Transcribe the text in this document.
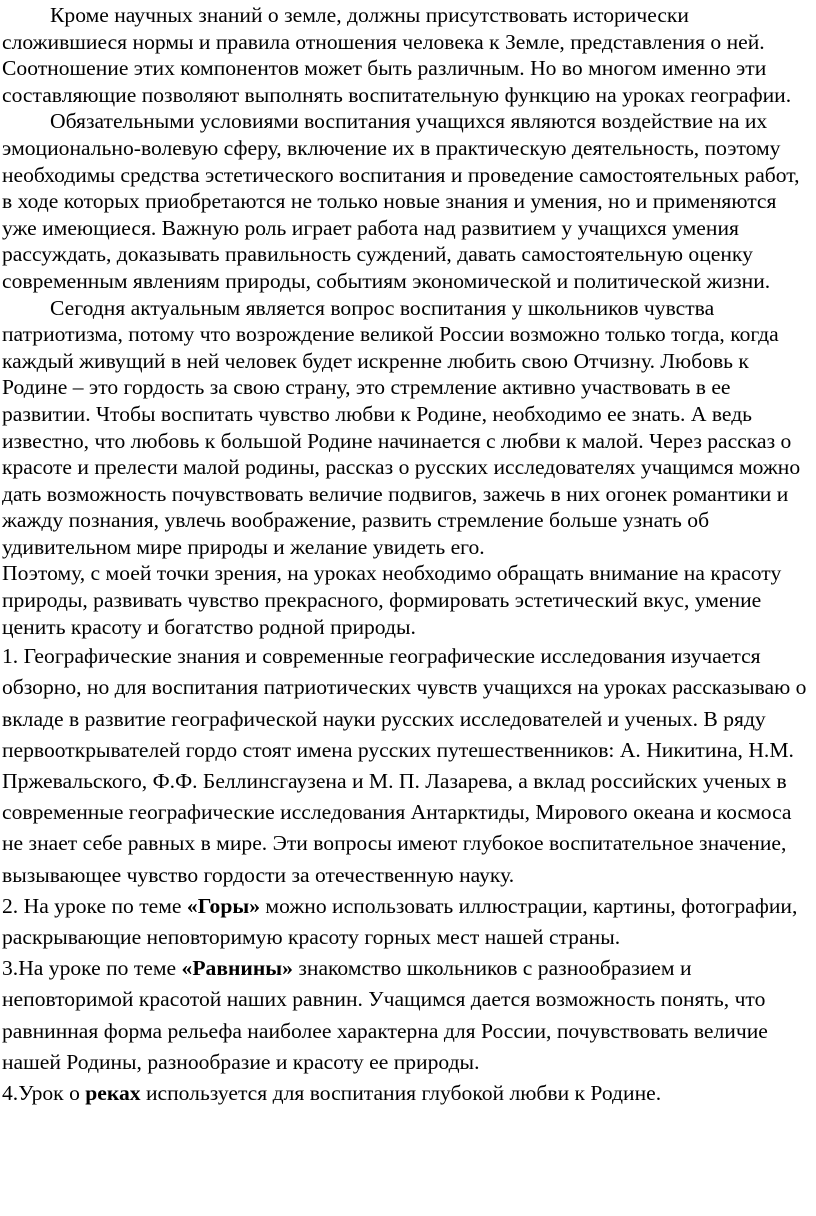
Кроме научных знаний о земле, должны присутствовать исторически сложившиеся нормы и правила отношения человека к Земле, представления о ней. Соотношение этих компонентов может быть различным. Но во многом именно эти составляющие позволяют выполнять воспитательную функцию на уроках географии.

Обязательными условиями воспитания учащихся являются воздействие на их эмоционально-волевую сферу, включение их в практическую деятельность, поэтому необходимы средства эстетического воспитания и проведение самостоятельных работ, в ходе которых приобретаются не только новые знания и умения, но и применяются уже имеющиеся. Важную роль играет работа над развитием у учащихся умения рассуждать, доказывать правильность суждений, давать самостоятельную оценку современным явлениям природы, событиям экономической и политической жизни.

Сегодня актуальным является вопрос воспитания у школьников чувства патриотизма, потому что возрождение великой России возможно только тогда, когда каждый живущий в ней человек будет искренне любить свою Отчизну. Любовь к Родине – это гордость за свою страну, это стремление активно участвовать в ее развитии. Чтобы воспитать чувство любви к Родине, необходимо ее знать. А ведь известно, что любовь к большой Родине начинается с любви к малой. Через рассказ о красоте и прелести малой родины, рассказ о русских исследователях учащимся можно дать возможность почувствовать величие подвигов, зажечь в них огонек романтики и жажду познания, увлечь воображение, развить стремление больше узнать об удивительном мире природы и желание увидеть его.

Поэтому, с моей точки зрения, на уроках необходимо обращать внимание на красоту природы, развивать чувство прекрасного, формировать эстетический вкус, умение ценить красоту и богатство родной природы.

1. Географические знания и современные географические исследования изучается обзорно, но для воспитания патриотических чувств учащихся на уроках рассказываю о вкладе в развитие географической науки русских исследователей и ученых. В ряду первооткрывателей гордо стоят имена русских путешественников: А. Никитина, Н.М. Пржевальского, Ф.Ф. Беллинсгаузена и М. П. Лазарева, а вклад российских ученых в современные географические исследования Антарктиды, Мирового океана и космоса не знает себе равных в мире. Эти вопросы имеют глубокое воспитательное значение, вызывающее чувство гордости за отечественную науку.

2. На уроке по теме «Горы» можно использовать иллюстрации, картины, фотографии, раскрывающие неповторимую красоту горных мест нашей страны.

3.На уроке по теме «Равнины» знакомство школьников с разнообразием и неповторимой красотой наших равнин. Учащимся дается возможность понять, что равнинная форма рельефа наиболее характерна для России, почувствовать величие нашей Родины, разнообразие и красоту ее природы.

4.Урок о реках используется для воспитания глубокой любви к Родине.
